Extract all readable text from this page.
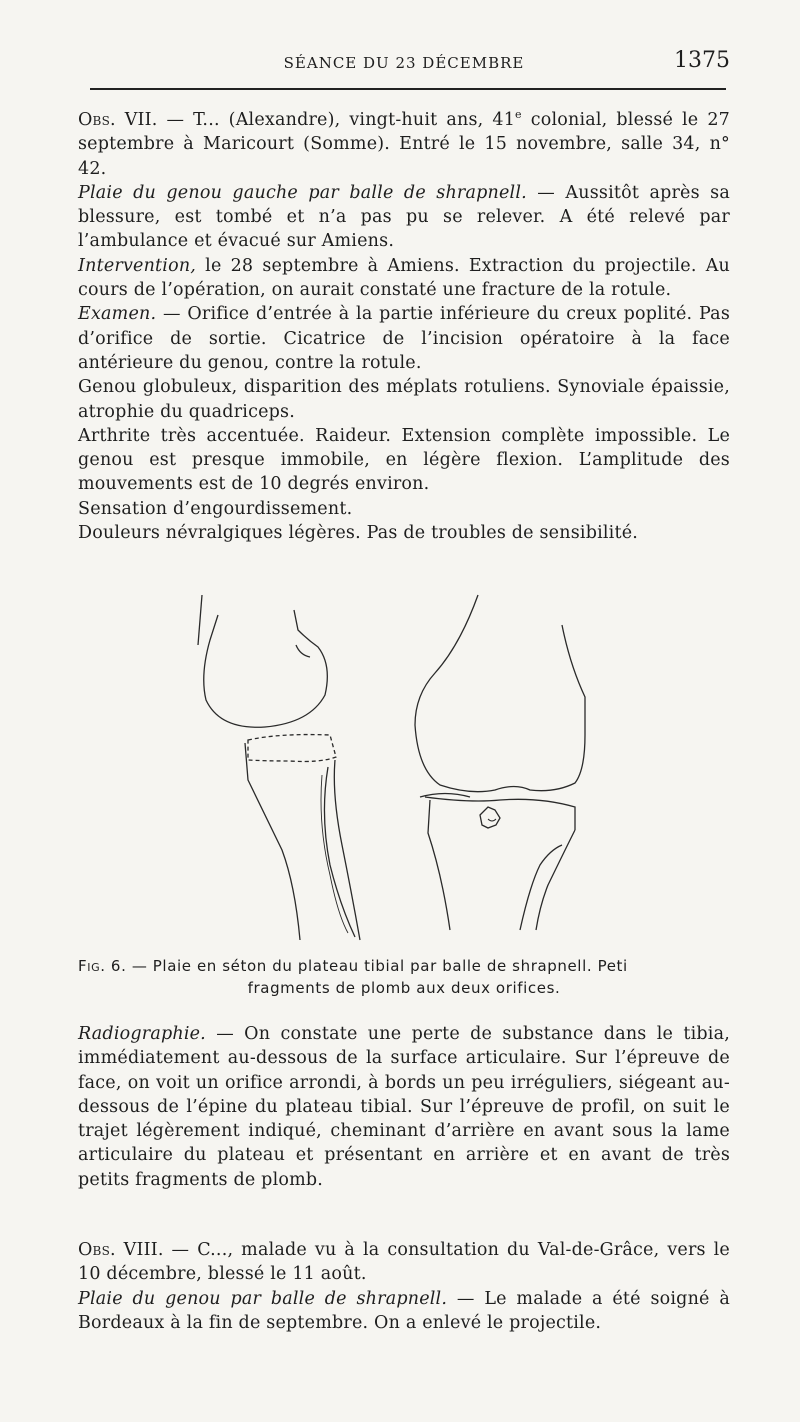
SÉANCE DU 23 DÉCEMBRE	1375

Obs. VII. — T... (Alexandre), vingt-huit ans, 41e colonial, blessé le 27 septembre à Maricourt (Somme). Entré le 15 novembre, salle 34, n° 42.

Plaie du genou gauche par balle de shrapnell. — Aussitôt après sa blessure, est tombé et n’a pas pu se relever. A été relevé par l’ambulance et évacué sur Amiens.

Intervention, le 28 septembre à Amiens. Extraction du projectile. Au cours de l’opération, on aurait constaté une fracture de la rotule.

Examen. — Orifice d’entrée à la partie inférieure du creux poplité. Pas d’orifice de sortie. Cicatrice de l’incision opératoire à la face antérieure du genou, contre la rotule.

Genou globuleux, disparition des méplats rotuliens. Synoviale épaissie, atrophie du quadriceps.

Arthrite très accentuée. Raideur. Extension complète impossible. Le genou est presque immobile, en légère flexion. L’amplitude des mouvements est de 10 degrés environ.

Sensation d’engourdissement.

Douleurs névralgiques légères. Pas de troubles de sensibilité.

Fig. 6. — Plaie en séton du plateau tibial par balle de shrapnell. Peti
fragments de plomb aux deux orifices.

Radiographie. — On constate une perte de substance dans le tibia, immédiatement au-dessous de la surface articulaire. Sur l’épreuve de face, on voit un orifice arrondi, à bords un peu irréguliers, siégeant au-dessous de l’épine du plateau tibial. Sur l’épreuve de profil, on suit le trajet légèrement indiqué, cheminant d’arrière en avant sous la lame articulaire du plateau et présentant en arrière et en avant de très petits fragments de plomb.

Obs. VIII. — C..., malade vu à la consultation du Val-de-Grâce, vers le 10 décembre, blessé le 11 août.

Plaie du genou par balle de shrapnell. — Le malade a été soigné à Bordeaux à la fin de septembre. On a enlevé le projectile.
